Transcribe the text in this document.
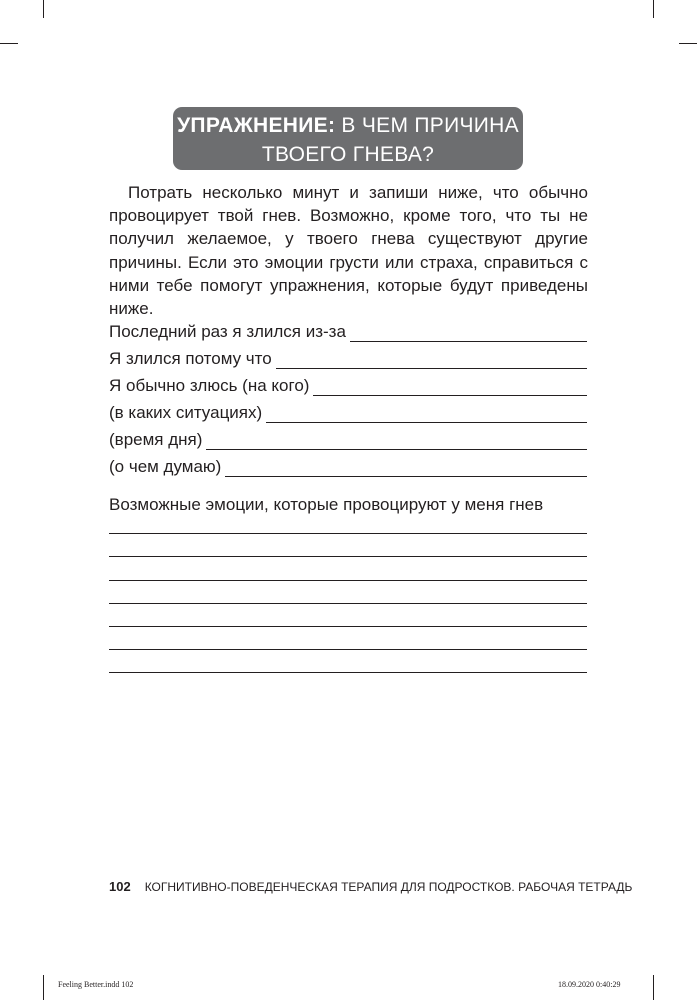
УПРАЖНЕНИЕ: В ЧЕМ ПРИЧИНА
ТВОЕГО ГНЕВА?

Потрать несколько минут и запиши ниже, что обычно провоцирует твой гнев. Возможно, кроме того, что ты не получил желаемое, у твоего гнева существуют другие причины. Если это эмоции грусти или страха, справиться с ними тебе помогут упражнения, которые будут приведены ниже.

Последний раз я злился из-за
Я злился потому что
Я обычно злюсь (на кого)
(в каких ситуациях)
(время дня)
(о чем думаю)
Возможные эмоции, которые провоцируют у меня гнев
102 КОГНИТИВНО-ПОВЕДЕНЧЕСКАЯ ТЕРАПИЯ ДЛЯ ПОДРОСТКОВ. РАБОЧАЯ ТЕТРАДЬ
Feeling Better.indd 102	18.09.2020 0:40:29
